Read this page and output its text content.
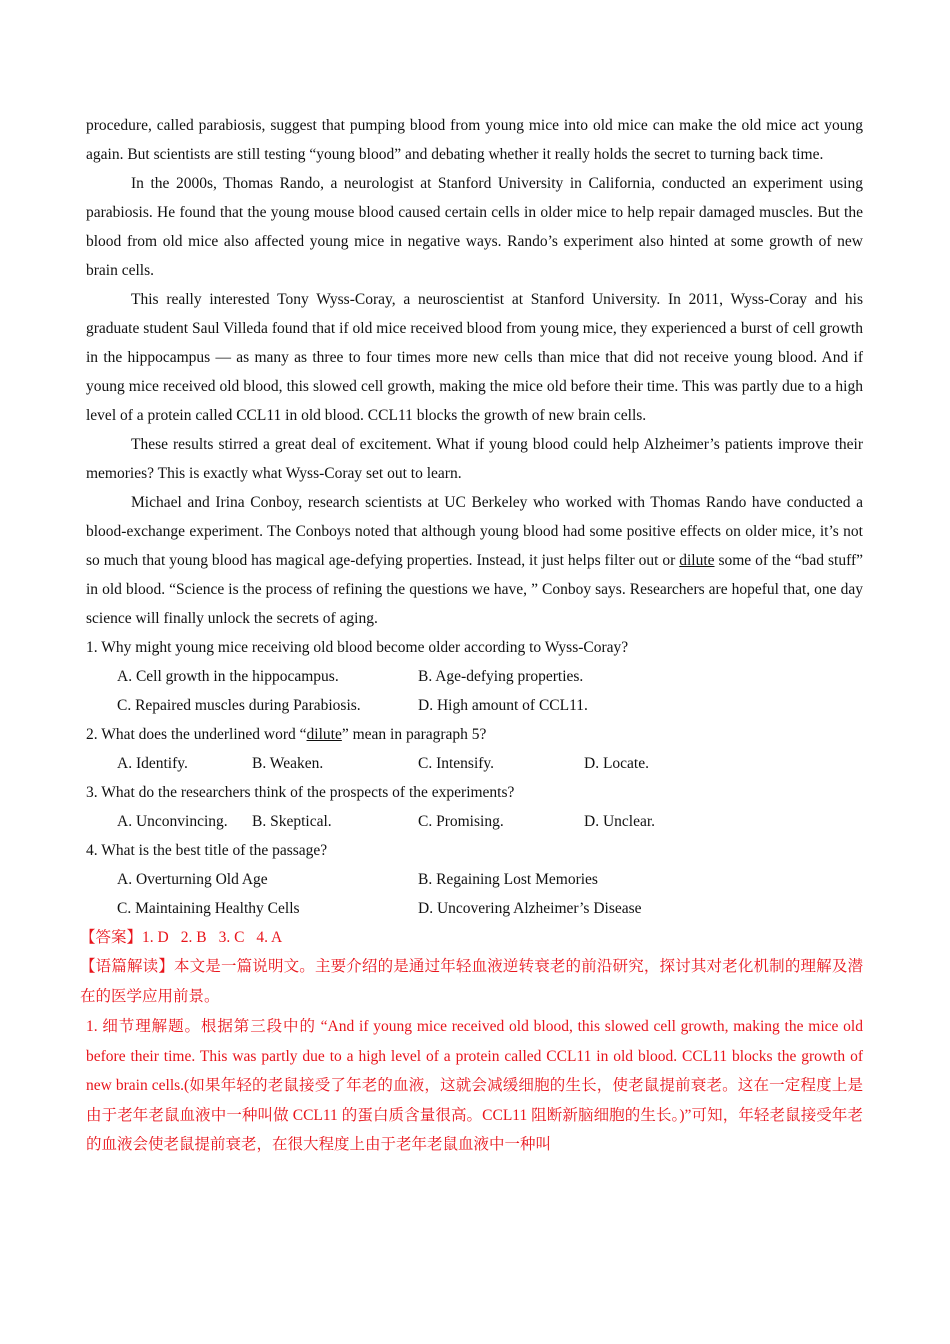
procedure, called parabiosis, suggest that pumping blood from young mice into old mice can make the old mice act young again. But scientists are still testing “young blood” and debating whether it really holds the secret to turning back time.

In the 2000s, Thomas Rando, a neurologist at Stanford University in California, conducted an experiment using parabiosis. He found that the young mouse blood caused certain cells in older mice to help repair damaged muscles. But the blood from old mice also affected young mice in negative ways. Rando’s experiment also hinted at some growth of new brain cells.

This really interested Tony Wyss-Coray, a neuroscientist at Stanford University. In 2011, Wyss-Coray and his graduate student Saul Villeda found that if old mice received blood from young mice, they experienced a burst of cell growth in the hippocampus — as many as three to four times more new cells than mice that did not receive young blood. And if young mice received old blood, this slowed cell growth, making the mice old before their time. This was partly due to a high level of a protein called CCL11 in old blood. CCL11 blocks the growth of new brain cells.

These results stirred a great deal of excitement. What if young blood could help Alzheimer’s patients improve their memories? This is exactly what Wyss-Coray set out to learn.

Michael and Irina Conboy, research scientists at UC Berkeley who worked with Thomas Rando have conducted a blood-exchange experiment. The Conboys noted that although young blood had some positive effects on older mice, it’s not so much that young blood has magical age-defying properties. Instead, it just helps filter out or dilute some of the “bad stuff” in old blood. “Science is the process of refining the questions we have, ” Conboy says. Researchers are hopeful that, one day science will finally unlock the secrets of aging.

1. Why might young mice receiving old blood become older according to Wyss-Coray?
A. Cell growth in the hippocampus.	B. Age-defying properties.
C. Repaired muscles during Parabiosis.	D. High amount of CCL11.
2. What does the underlined word “dilute” mean in paragraph 5?
A. Identify.	B. Weaken.	C. Intensify.	D. Locate.
3. What do the researchers think of the prospects of the experiments?
A. Unconvincing. B. Skeptical.	C. Promising.	D. Unclear.
4. What is the best title of the passage?
A. Overturning Old Age	B. Regaining Lost Memories
C. Maintaining Healthy Cells	D. Uncovering Alzheimer’s Disease
【答案】1. D 2. B 3. C 4. A

【语篇解读】本文是一篇说明文。主要介绍的是通过年轻血液逆转衰老的前沿研究，探讨其对老化机制的理解及潜在的医学应用前景。

1. 细节理解题。根据第三段中的 “And if young mice received old blood, this slowed cell growth, making the mice old before their time. This was partly due to a high level of a protein called CCL11 in old blood. CCL11 blocks the growth of new brain cells.(如果年轻的老鼠接受了年老的血液，这就会减缓细胞的生长，使老鼠提前衰老。这在一定程度上是由于老年老鼠血液中一种叫做 CCL11 的蛋白质含量很高。CCL11 阻断新脑细胞的生长。)”可知，年轻老鼠接受年老的血液会使老鼠提前衰老，在很大程度上由于老年老鼠血液中一种叫
